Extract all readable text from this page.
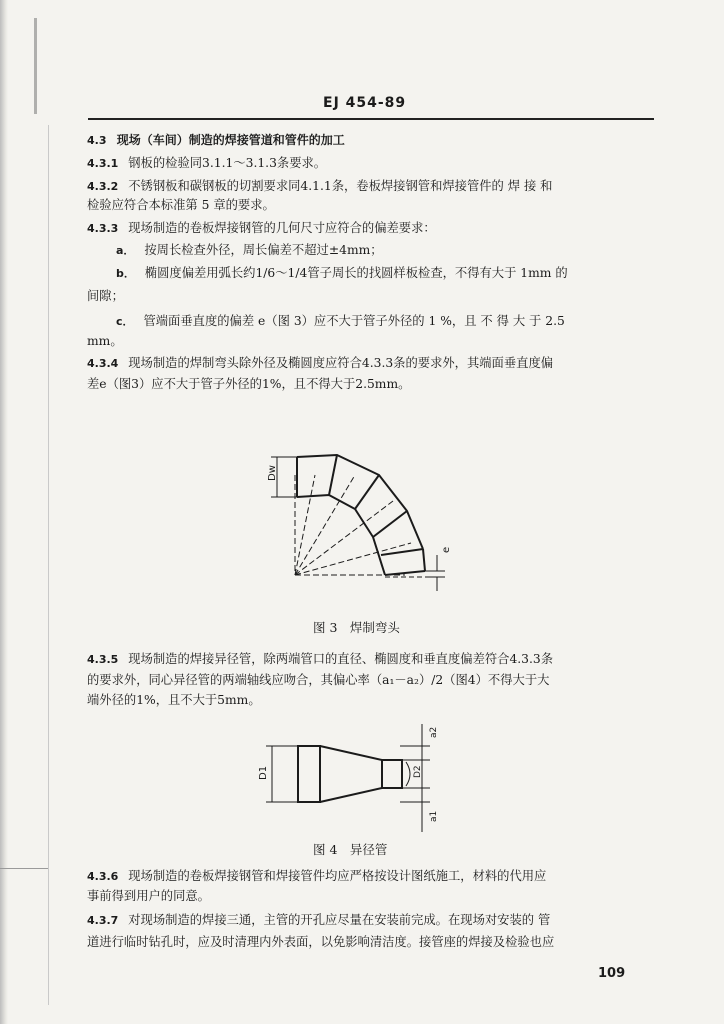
EJ 454-89
4.3 现场（车间）制造的焊接管道和管件的加工
4.3.1 钢板的检验同3.1.1～3.1.3条要求。
4.3.2 不锈钢板和碳钢板的切割要求同4.1.1条，卷板焊接钢管和焊接管件的 焊 接 和
检验应符合本标准第 5 章的要求。
4.3.3 现场制造的卷板焊接钢管的几何尺寸应符合的偏差要求：
a． 按周长检查外径，周长偏差不超过±4mm；
b． 椭圆度偏差用弧长约1/6～1/4管子周长的找圆样板检查，不得有大于 1mm 的
间隙；
c． 管端面垂直度的偏差 e（图 3）应不大于管子外径的 1 %，且 不 得 大 于 2.5
mm。
4.3.4 现场制造的焊制弯头除外径及椭圆度应符合4.3.3条的要求外，其端面垂直度偏
差e（图3）应不大于管子外径的1%，且不得大于2.5mm。
Dw
e
图 3　焊制弯头
4.3.5 现场制造的焊接异径管，除两端管口的直径、椭圆度和垂直度偏差符合4.3.3条
的要求外，同心异径管的两端轴线应吻合，其偏心率（a₁－a₂）/2（图4）不得大于大
端外径的1%，且不大于5mm。
D1	D2
a2
a1
图 4　异径管
4.3.6 现场制造的卷板焊接钢管和焊接管件均应严格按设计图纸施工，材料的代用应
事前得到用户的同意。
4.3.7 对现场制造的焊接三通，主管的开孔应尽量在安装前完成。在现场对安装的 管
道进行临时钻孔时，应及时清理内外表面，以免影响清洁度。接管座的焊接及检验也应
109
